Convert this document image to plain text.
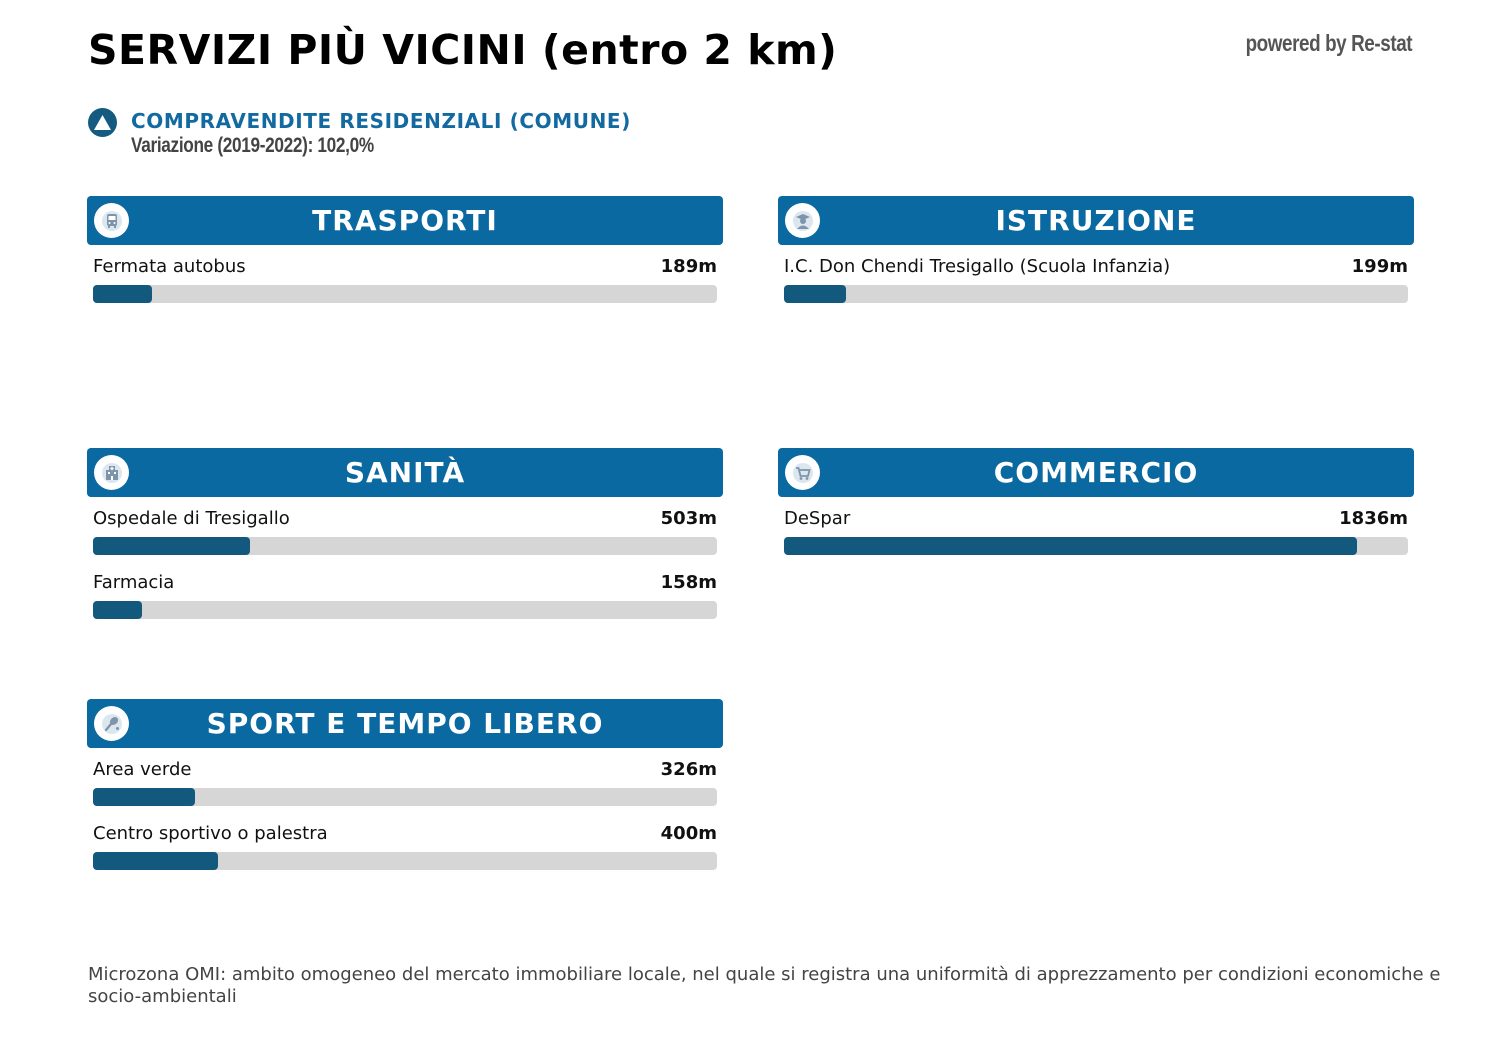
SERVIZI PIÙ VICINI (entro 2 km)	powered by Re-stat
COMPRAVENDITE RESIDENZIALI (COMUNE)
Variazione (2019-2022): 102,0%
TRASPORTI
Fermata autobus	189m
ISTRUZIONE
I.C. Don Chendi Tresigallo (Scuola Infanzia)	199m
SANITÀ
Ospedale di Tresigallo	503m
Farmacia	158m
COMMERCIO
DeSpar	1836m
SPORT E TEMPO LIBERO
Area verde	326m
Centro sportivo o palestra	400m
Microzona OMI: ambito omogeneo del mercato immobiliare locale, nel quale si registra una uniformità di apprezzamento per condizioni economiche e socio-ambientali
